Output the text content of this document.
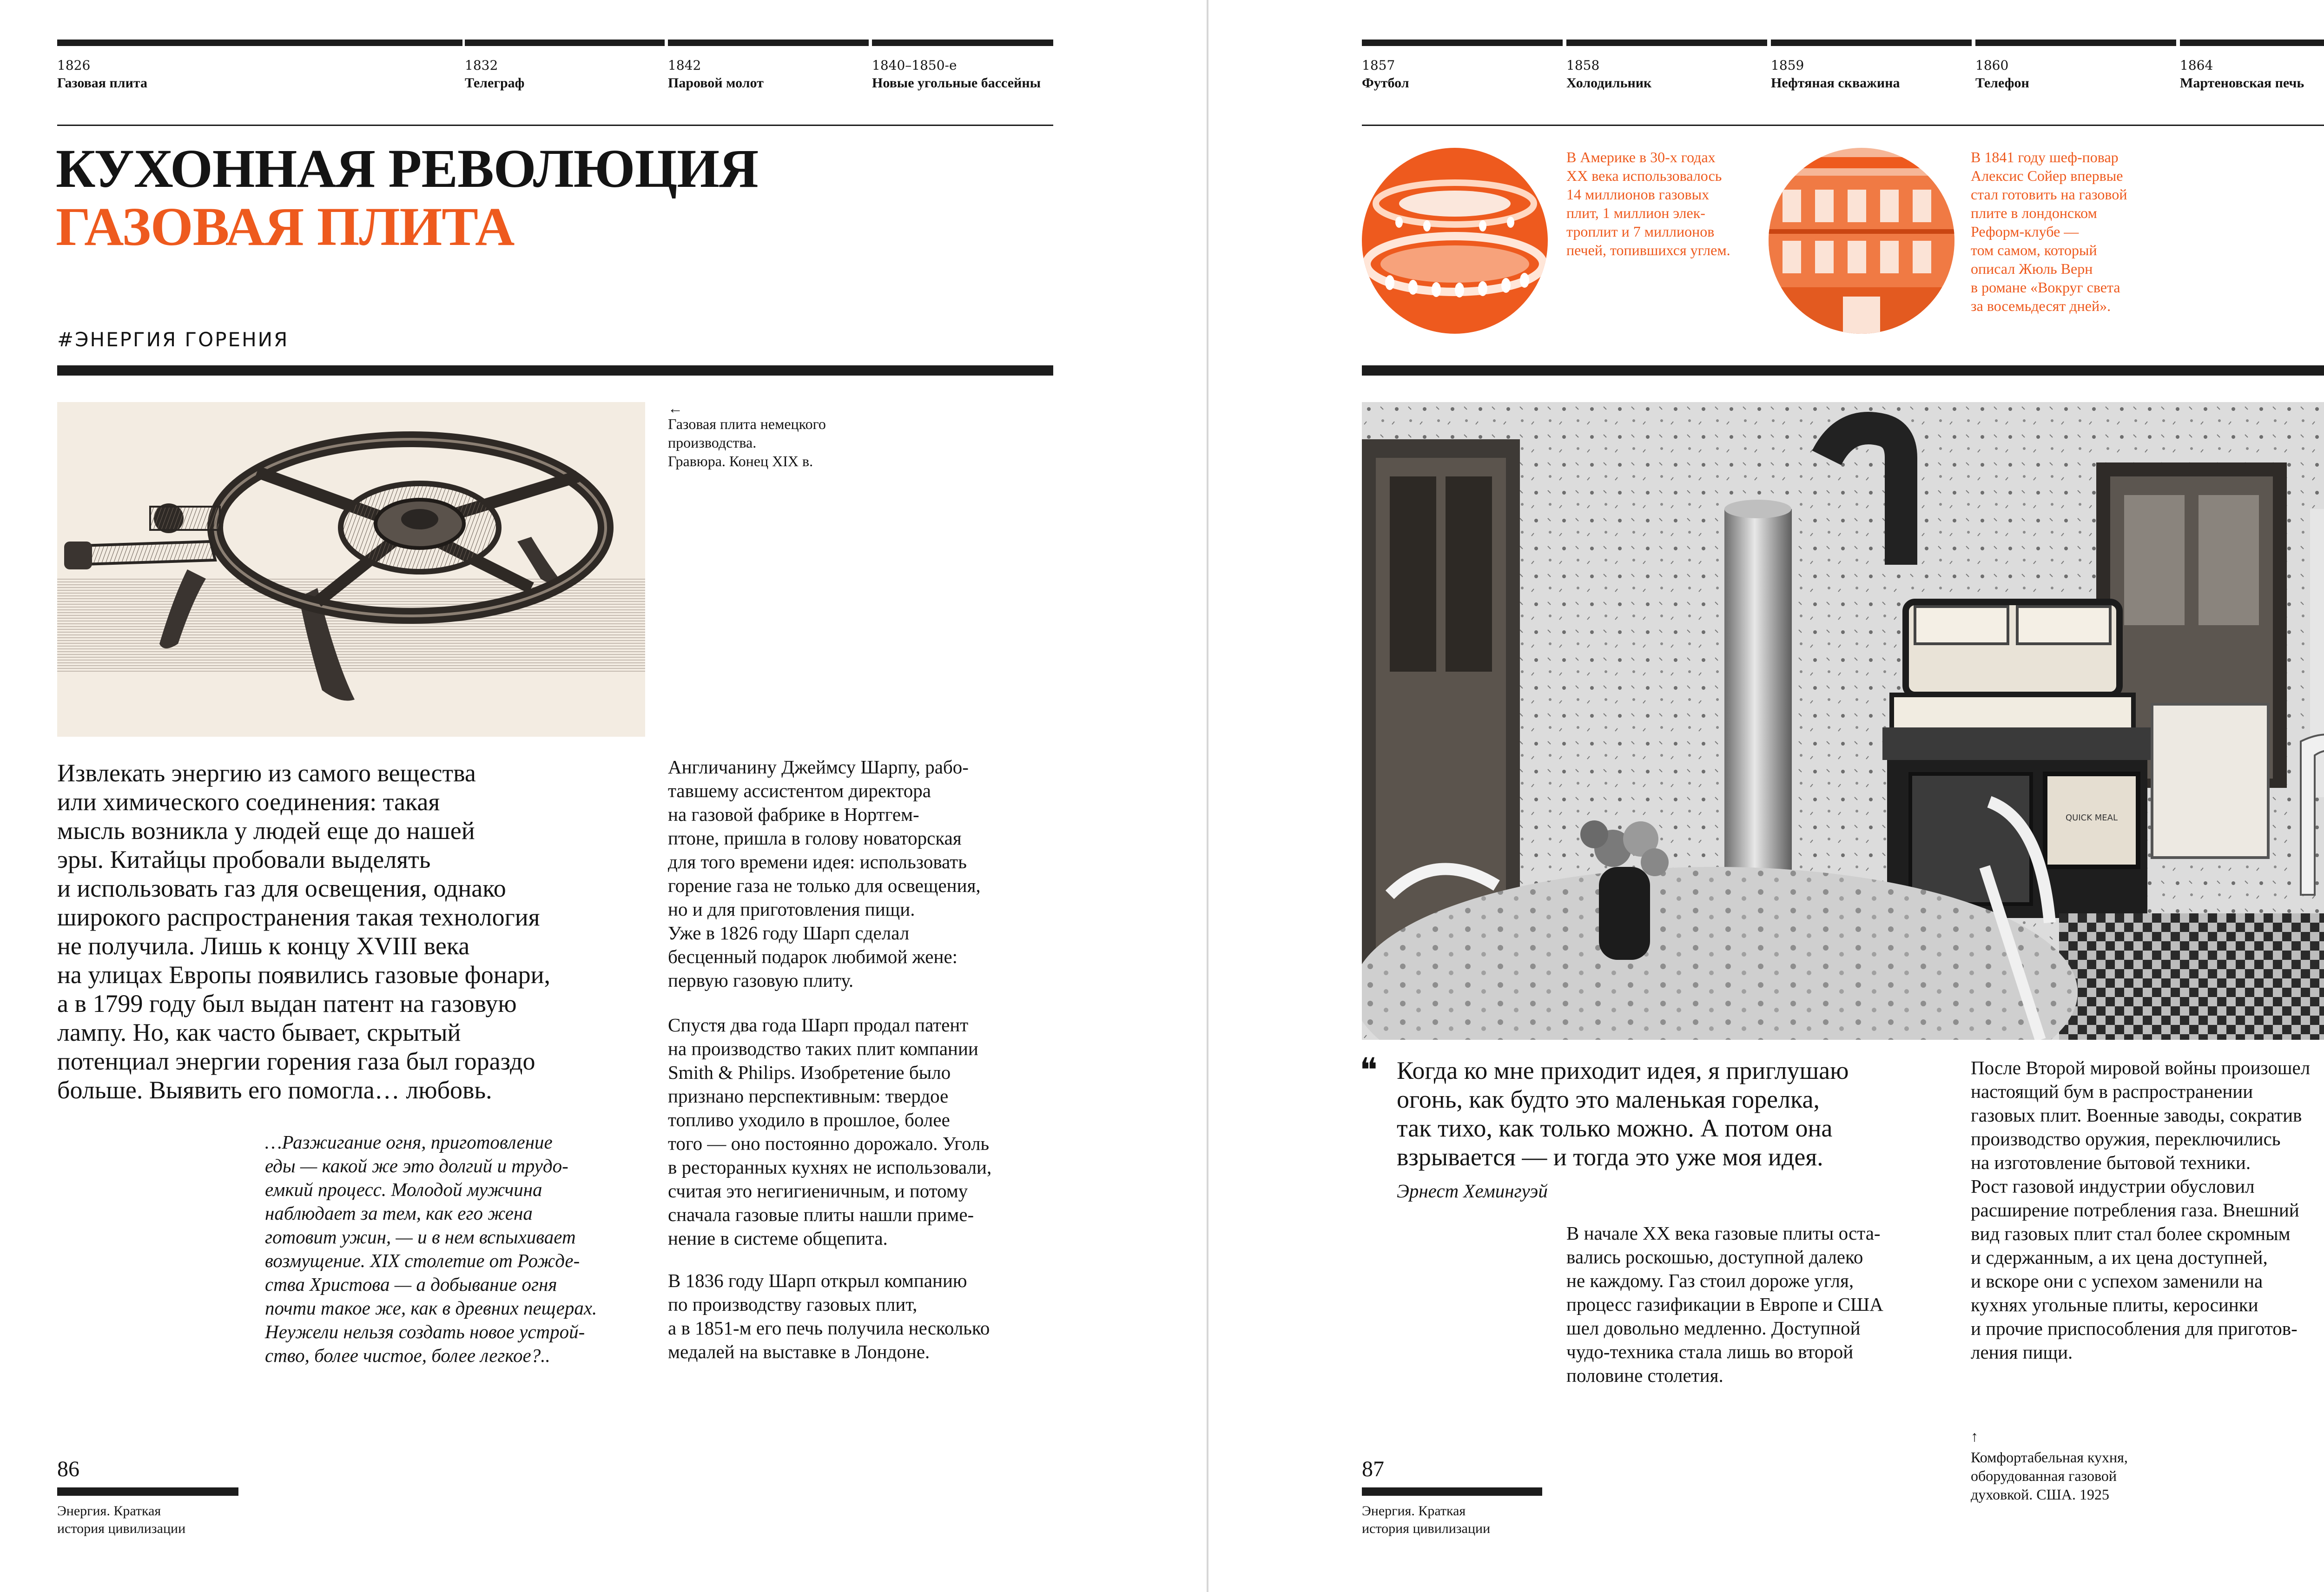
1826
Газовая плита
1832
Телеграф
1842
Паровой молот
1840–1850-е
Новые угольные бассейны
КУХОННАЯ РЕВОЛЮЦИЯ
ГАЗОВАЯ ПЛИТА
#ЭНЕРГИЯ ГОРЕНИЯ
←

Газовая плита немецкого
производства.
Гравюра. Конец XIX в.

Извлекать энергию из самого вещества
или химического соединения: такая
мысль возникла у людей еще до нашей
эры. Китайцы пробовали выделять
и использовать газ для освещения, однако
широкого распространения такая технология
не получила. Лишь к концу XVIII века
на улицах Европы появились газовые фонари,
а в 1799 году был выдан патент на газовую
лампу. Но, как часто бывает, скрытый
потенциал энергии горения газа был гораздо
больше. Выявить его помогла… любовь.

…Разжигание огня, приготовление
еды — какой же это долгий и трудо-
емкий процесс. Молодой мужчина
наблюдает за тем, как его жена
готовит ужин, — и в нем вспыхивает
возмущение. XIX столетие от Рожде-
ства Христова — а добывание огня
почти такое же, как в древних пещерах.
Неужели нельзя создать новое устрой-
ство, более чистое, более легкое?..

Англичанину Джеймсу Шарпу, рабо-
тавшему ассистентом директора
на газовой фабрике в Нортгем-
птоне, пришла в голову новаторская
для того времени идея: использовать
горение газа не только для освещения,
но и для приготовления пищи.
Уже в 1826 году Шарп сделал
бесценный подарок любимой жене:
первую газовую плиту.

Спустя два года Шарп продал патент
на производство таких плит компании
Smith & Philips. Изобретение было
признано перспективным: твердое
топливо уходило в прошлое, более
того — оно постоянно дорожало. Уголь
в ресторанных кухнях не использовали,
считая это негигиеничным, и потому
сначала газовые плиты нашли приме-
нение в системе общепита.

В 1836 году Шарп открыл компанию
по производству газовых плит,
а в 1851-м его печь получила несколько
медалей на выставке в Лондоне.

86
Энергия. Краткая
история цивилизации
1857
Футбол
1858
Холодильник
1859
Нефтяная скважина
1860
Телефон
1864
Мартеновская печь

В Америке в 30-х годах
XX века использовалось
14 миллионов газовых
плит, 1 миллион элек-
троплит и 7 миллионов
печей, топившихся углем.

В 1841 году шеф-повар
Алексис Сойер впервые
стал готовить на газовой
плите в лондонском
Реформ-клубе —
том самом, который
описал Жюль Верн
в романе «Вокруг света
за восемьдесят дней».

QUICK MEAL
❝ Когда ко мне приходит идея, я приглушаю
огонь, как будто это маленькая горелка,
так тихо, как только можно. А потом она
взрывается — и тогда это уже моя идея.

Эрнест Хемингуэй

В начале XX века газовые плиты оста-
вались роскошью, доступной далеко
не каждому. Газ стоил дороже угля,
процесс газификации в Европе и США
шел довольно медленно. Доступной
чудо-техника стала лишь во второй
половине столетия.

После Второй мировой войны произошел
настоящий бум в распространении
газовых плит. Военные заводы, сократив
производство оружия, переключились
на изготовление бытовой техники.
Рост газовой индустрии обусловил
расширение потребления газа. Внешний
вид газовых плит стал более скромным
и сдержанным, а их цена доступней,
и вскоре они с успехом заменили на
кухнях угольные плиты, керосинки
и прочие приспособления для приготов-
ления пищи.

↑

Комфортабельная кухня,
оборудованная газовой
духовкой. США. 1925

87
Энергия. Краткая
история цивилизации
